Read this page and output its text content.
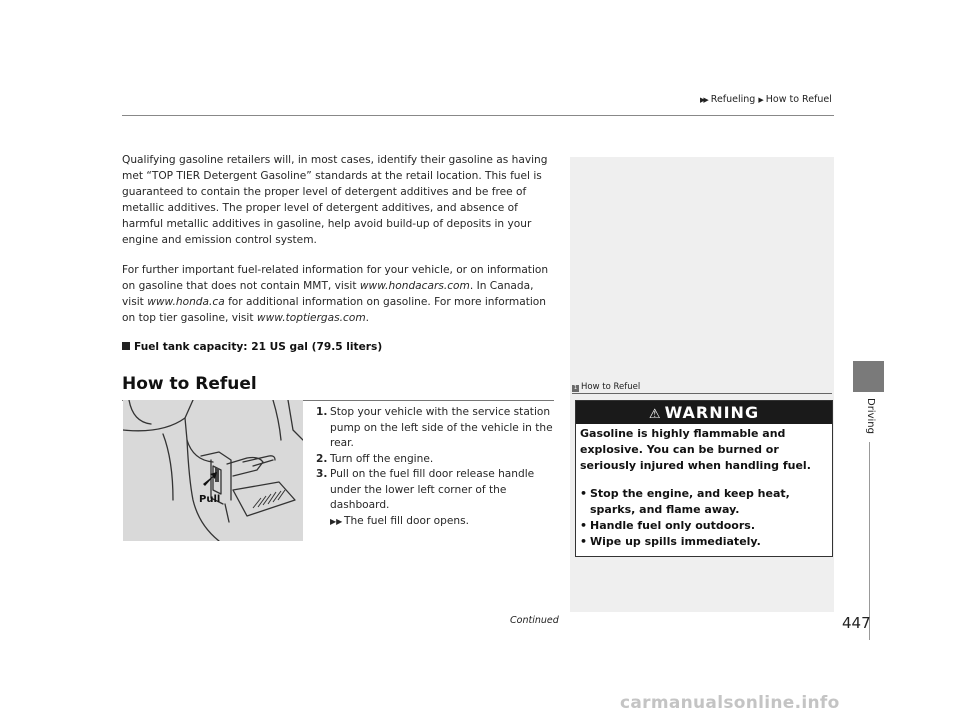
▶▶ Refueling ▶ How to Refuel
Driving
Qualifying gasoline retailers will, in most cases, identify their gasoline as having met “TOP TIER Detergent Gasoline” standards at the retail location. This fuel is guaranteed to contain the proper level of detergent additives and be free of metallic additives. The proper level of detergent additives, and absence of harmful metallic additives in gasoline, help avoid build-up of deposits in your engine and emission control system.
For further important fuel-related information for your vehicle, or on information on gasoline that does not contain MMT, visit www.hondacars.com. In Canada, visit www.honda.ca for additional information on gasoline. For more information on top tier gasoline, visit www.toptiergas.com.
Fuel tank capacity: 21 US gal (79.5 liters)
How to Refuel
Pull
1. Stop your vehicle with the service station pump on the left side of the vehicle in the rear.
2. Turn off the engine.
3. Pull on the fuel fill door release handle under the lower left corner of the dashboard.
▶▶ The fuel fill door opens.
1 How to Refuel
⚠ WARNING
Gasoline is highly flammable and explosive. You can be burned or seriously injured when handling fuel.
• Stop the engine, and keep heat, sparks, and flame away.
• Handle fuel only outdoors.
• Wipe up spills immediately.
Continued	447
carmanualsonline.info
